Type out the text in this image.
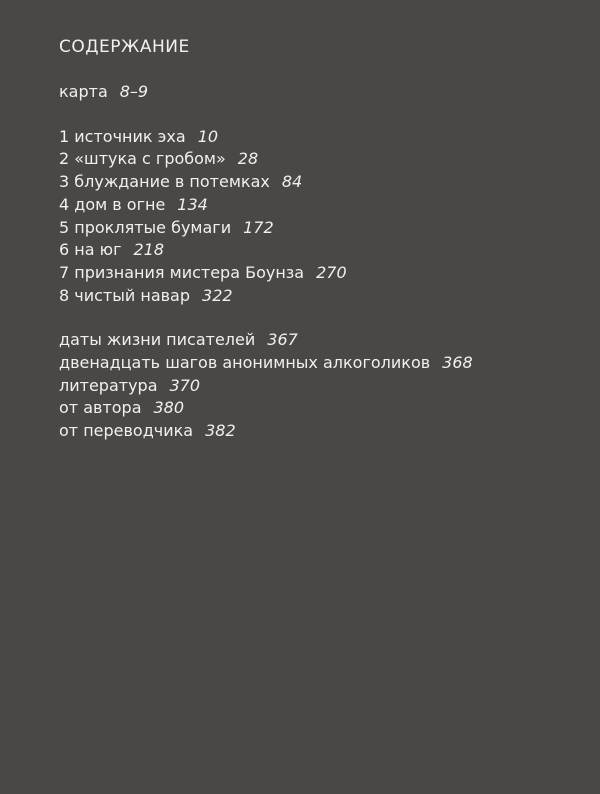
СОДЕРЖАНИЕ
карта 8–9
1 источник эха 10
2 «штука с гробом» 28
3 блуждание в потемках 84
4 дом в огне 134
5 проклятые бумаги 172
6 на юг 218
7 признания мистера Боунза 270
8 чистый навар 322
даты жизни писателей 367
двенадцать шагов анонимных алкоголиков 368
литература 370
от автора 380
от переводчика 382
